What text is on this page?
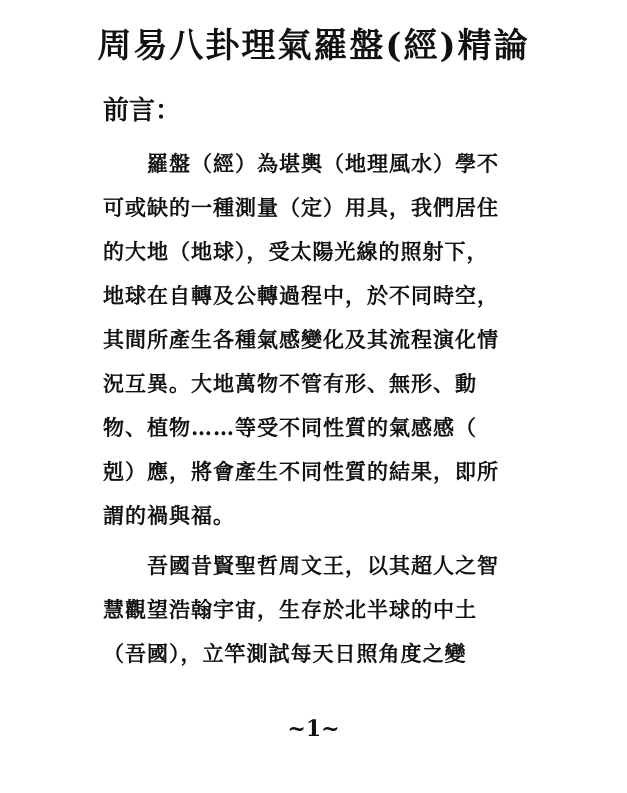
周易八卦理氣羅盤(經)精論
前言：
　　羅盤（經）為堪輿（地理風水）學不
可或缺的一種測量（定）用具，我們居住
的大地（地球），受太陽光線的照射下，
地球在自轉及公轉過程中，於不同時空，
其間所產生各種氣感變化及其流程演化情
況互異。大地萬物不管有形、無形、動
物、植物……等受不同性質的氣感感（
剋）應，將會產生不同性質的結果，即所
謂的禍與福。
　　吾國昔賢聖哲周文王，以其超人之智
慧觀望浩翰宇宙，生存於北半球的中土
（吾國），立竿測試每天日照角度之變
~1~
